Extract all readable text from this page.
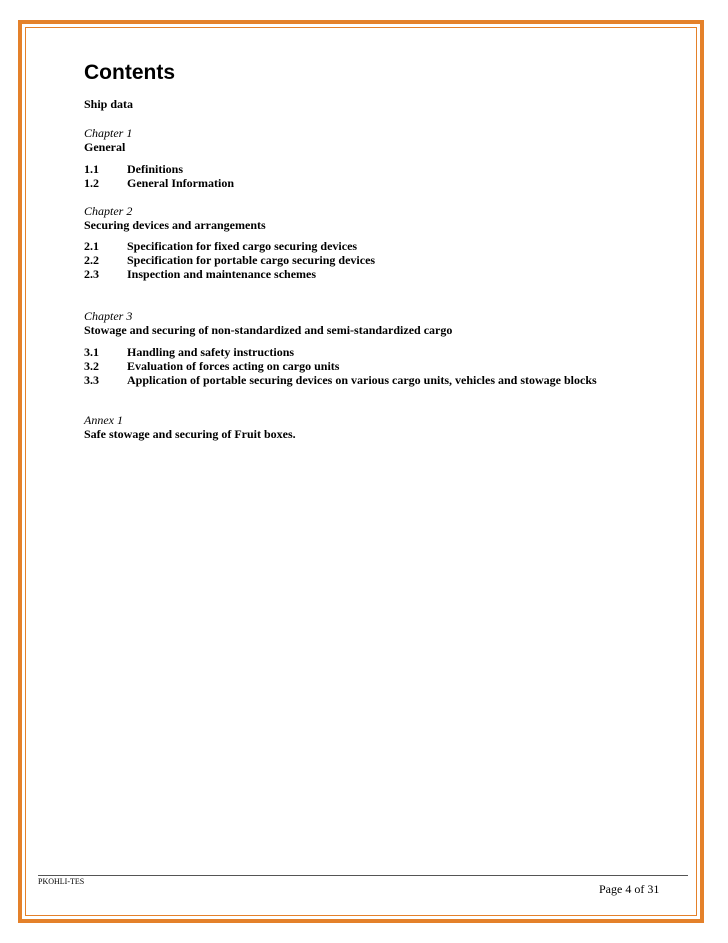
Contents
Ship data
Chapter 1
General
1.1	Definitions
1.2	General Information
Chapter 2
Securing devices and arrangements
2.1	Specification for fixed cargo securing devices
2.2	Specification for portable cargo securing devices
2.3	Inspection and maintenance schemes
Chapter 3
Stowage and securing of non-standardized and semi-standardized cargo
3.1	Handling and safety instructions
3.2	Evaluation of forces acting on cargo units
3.3	Application of portable securing devices on various cargo units, vehicles and stowage blocks
Annex 1
Safe stowage and securing of Fruit boxes.
PKOHLI-TES
Page 4 of 31
